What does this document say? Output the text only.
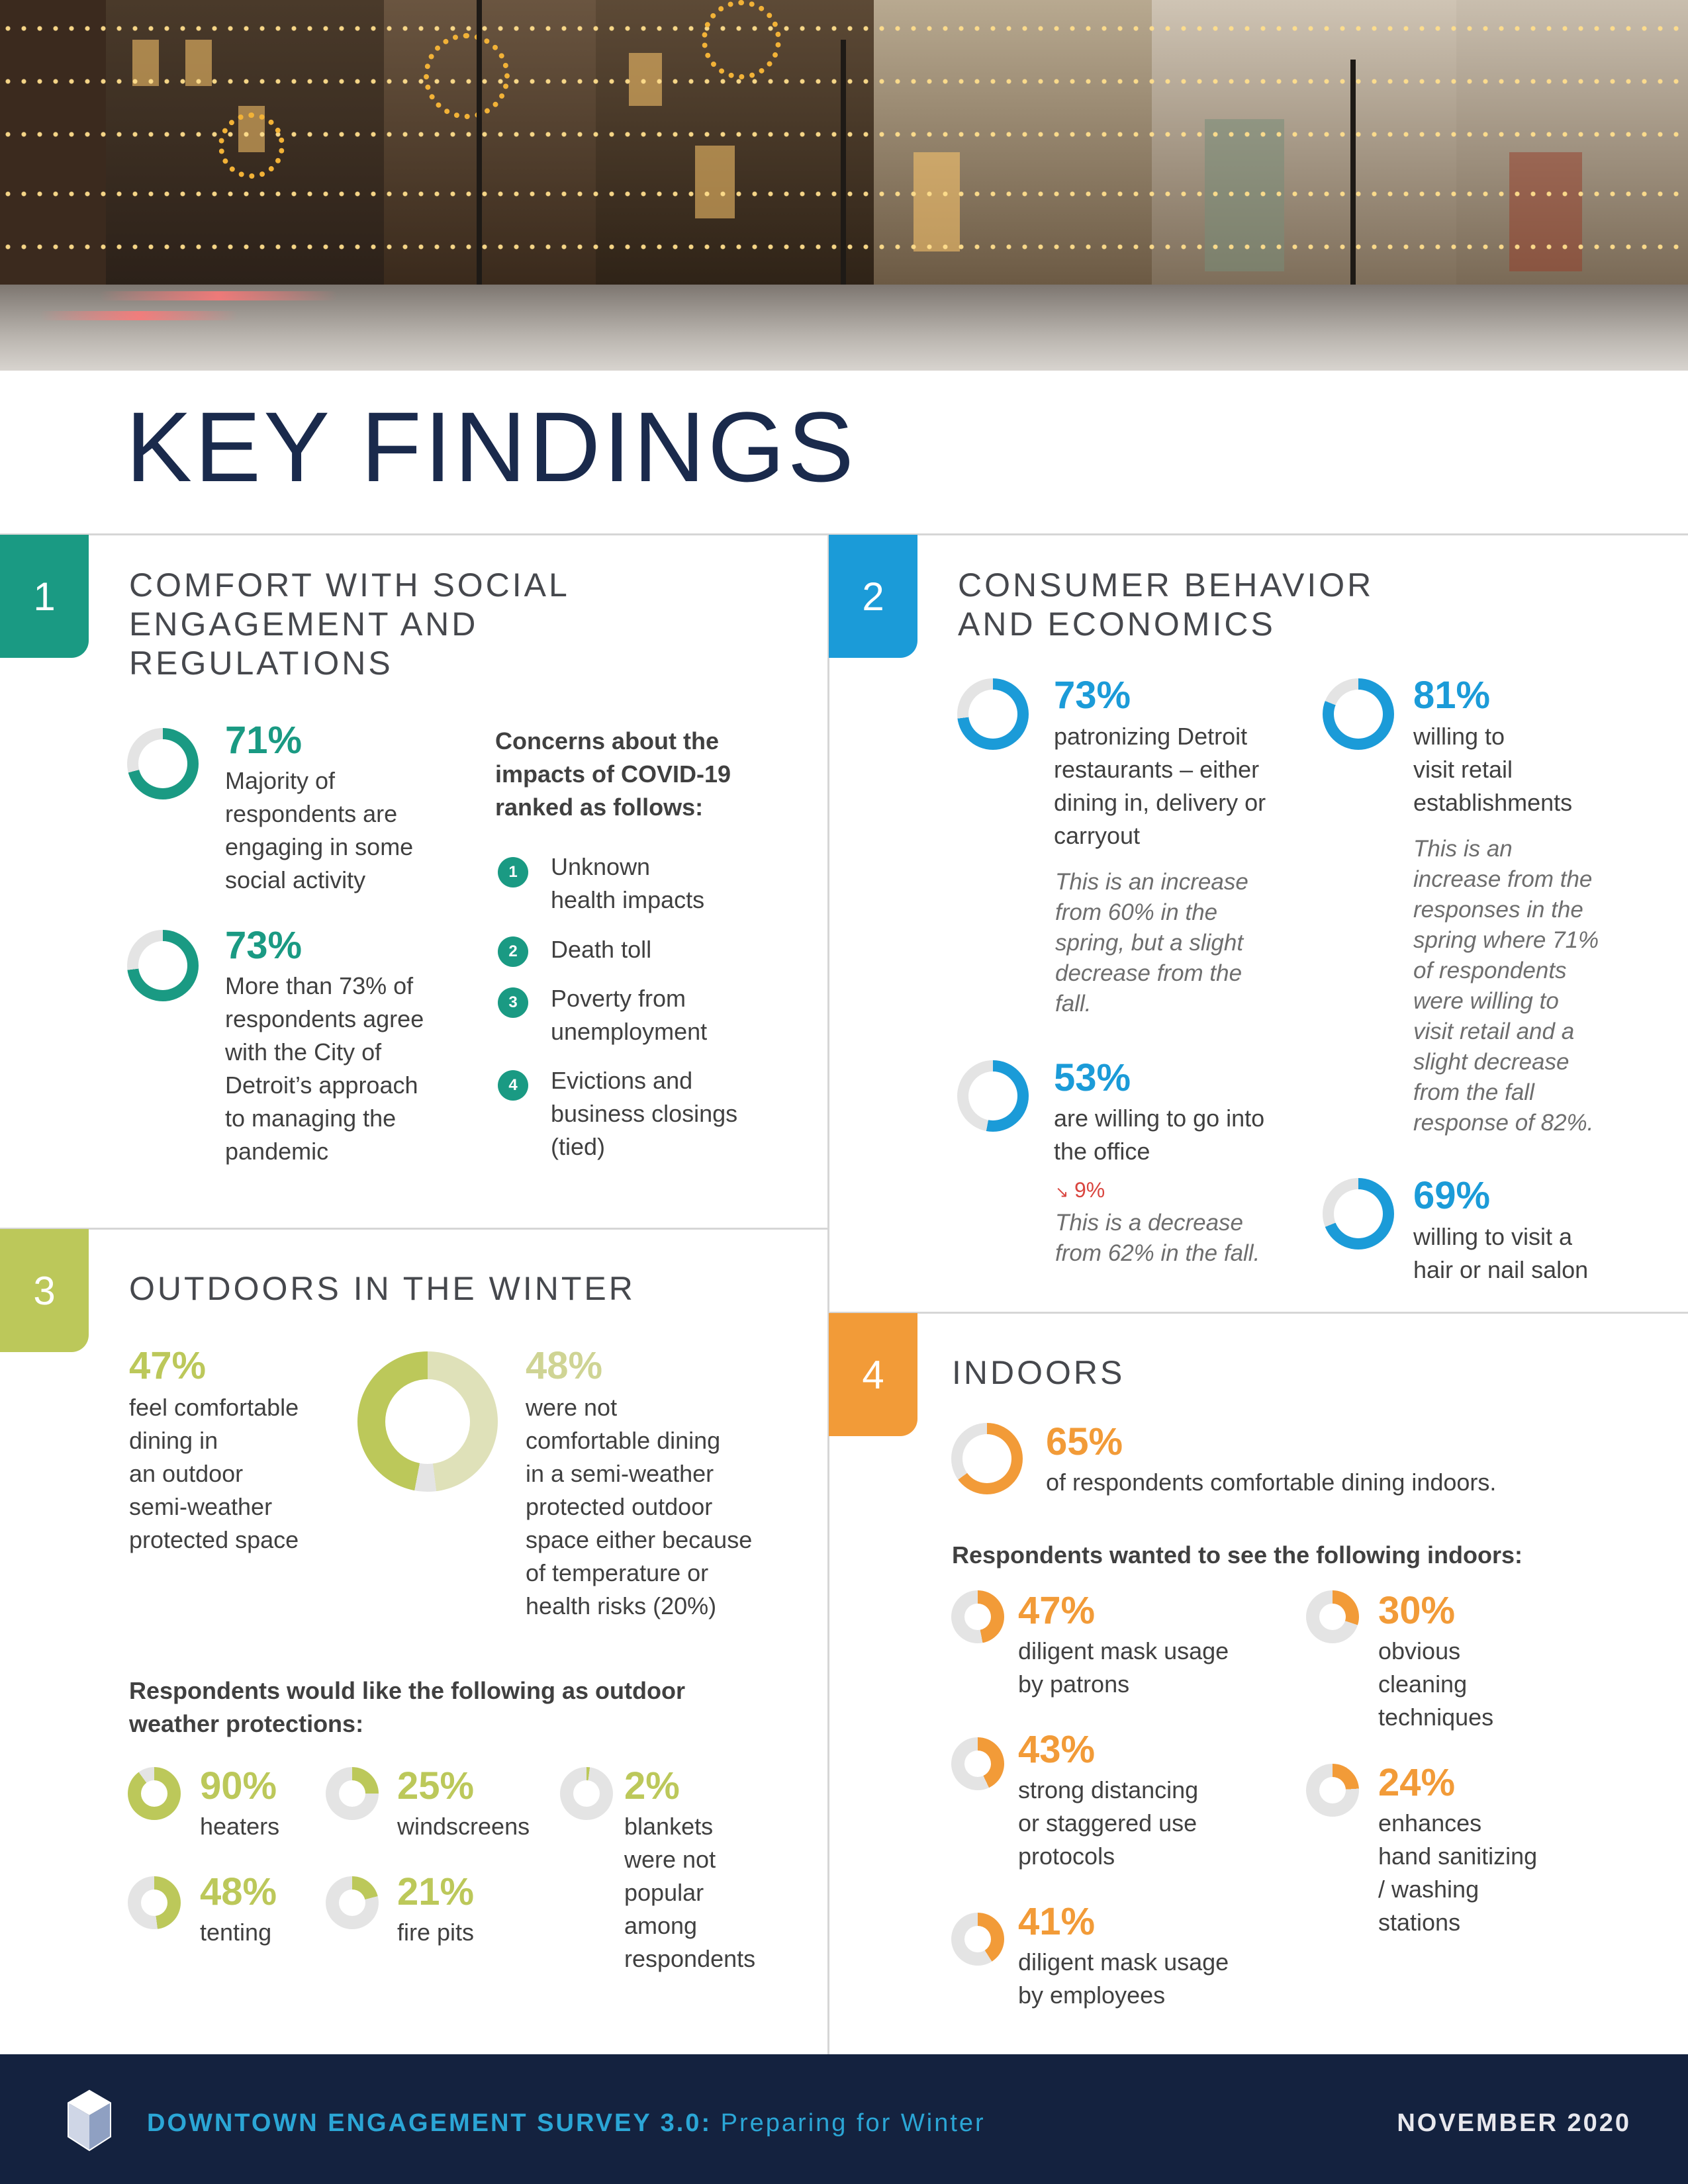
KEY FINDINGS
1	COMFORT WITH SOCIAL
ENGAGEMENT AND
REGULATIONS
71%
Majority of
respondents are
engaging in some
social activity
73%
More than 73% of
respondents agree
with the City of
Detroit’s approach
to managing the
pandemic
Concerns about the
impacts of COVID-19
ranked as follows:
1	Unknown
health impacts
2	Death toll
3	Poverty from
unemployment
4	Evictions and
business closings
(tied)
2	CONSUMER BEHAVIOR
AND ECONOMICS
73%
patronizing Detroit
restaurants – either
dining in, delivery or
carryout
This is an increase
from 60% in the
spring, but a slight
decrease from the
fall.
81%
willing to
visit retail
establishments
This is an
increase from the
responses in the
spring where 71%
of respondents
were willing to
visit retail and a
slight decrease
from the fall
response of 82%.
53%
are willing to go into
the office
↘ 9%
This is a decrease
from 62% in the fall.
69%
willing to visit a
hair or nail salon
3	OUTDOORS IN THE WINTER
47%
feel comfortable
dining in
an outdoor
semi-weather
protected space
48%
were not
comfortable dining
in a semi-weather
protected outdoor
space either because
of temperature or
health risks (20%)
Respondents would like the following as outdoor
weather protections:
90%
heaters
25%
windscreens
2%
blankets
were not
popular
among
respondents
48%
tenting
21%
fire pits
4	INDOORS
65%
of respondents comfortable dining indoors.
Respondents wanted to see the following indoors:
47%
diligent mask usage
by patrons
30%
obvious
cleaning
techniques
43%
strong distancing
or staggered use
protocols
24%
enhances
hand sanitizing
/ washing
stations
41%
diligent mask usage
by employees
DOWNTOWN ENGAGEMENT SURVEY 3.0: Preparing for Winter	NOVEMBER 2020
